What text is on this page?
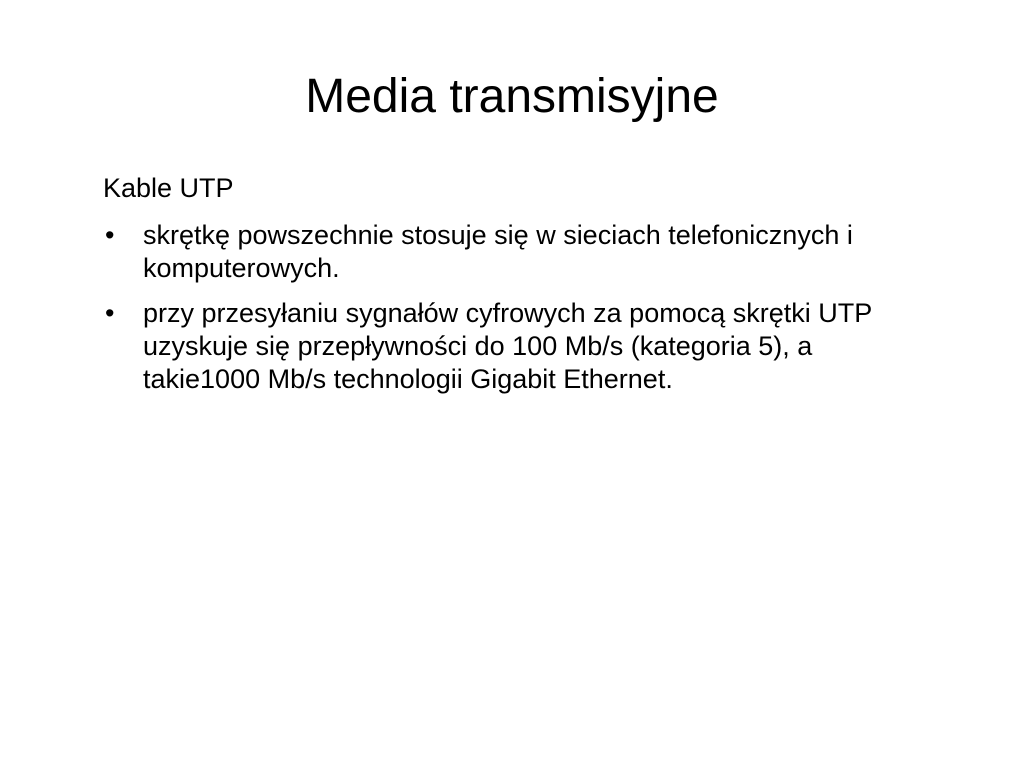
Media transmisyjne
Kable UTP
• skrętkę powszechnie stosuje się w sieciach telefonicznych i komputerowych.
• przy przesyłaniu sygnałów cyfrowych za pomocą skrętki UTP uzyskuje się przepływności do 100 Mb/s (kategoria 5), a takie1000 Mb/s technologii Gigabit Ethernet.
